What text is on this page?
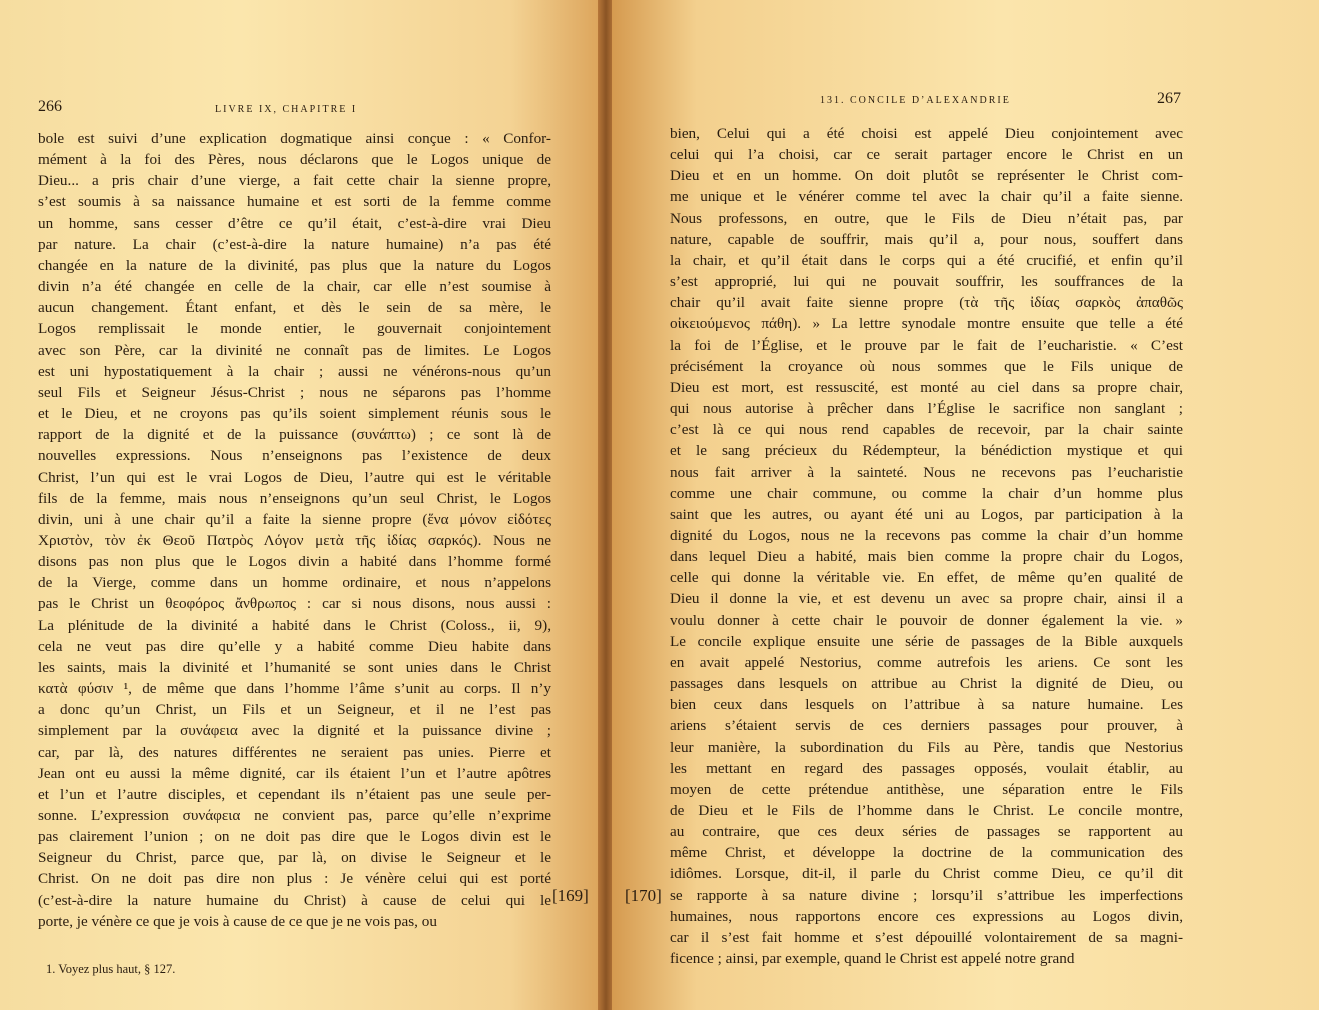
266	LIVRE IX, CHAPITRE I
bole est suivi d’une explication dogmatique ainsi conçue : « Confor-
mément à la foi des Pères, nous déclarons que le Logos unique de
Dieu... a pris chair d’une vierge, a fait cette chair la sienne propre,
s’est soumis à sa naissance humaine et est sorti de la femme comme
un homme, sans cesser d’être ce qu’il était, c’est-à-dire vrai Dieu
par nature. La chair (c’est-à-dire la nature humaine) n’a pas été
changée en la nature de la divinité, pas plus que la nature du Logos
divin n’a été changée en celle de la chair, car elle n’est soumise à
aucun changement. Étant enfant, et dès le sein de sa mère, le
Logos remplissait le monde entier, le gouvernait conjointement
avec son Père, car la divinité ne connaît pas de limites. Le Logos
est uni hypostatiquement à la chair ; aussi ne vénérons-nous qu’un
seul Fils et Seigneur Jésus-Christ ; nous ne séparons pas l’homme
et le Dieu, et ne croyons pas qu’ils soient simplement réunis sous le
rapport de la dignité et de la puissance (συνάπτω) ; ce sont là de
nouvelles expressions. Nous n’enseignons pas l’existence de deux
Christ, l’un qui est le vrai Logos de Dieu, l’autre qui est le véritable
fils de la femme, mais nous n’enseignons qu’un seul Christ, le Logos
divin, uni à une chair qu’il a faite la sienne propre (ἕνα μόνον εἰδότες
Χριστὸν, τὸν ἐκ Θεοῦ Πατρὸς Λόγον μετὰ τῆς ἰδίας σαρκός). Nous ne
disons pas non plus que le Logos divin a habité dans l’homme formé
de la Vierge, comme dans un homme ordinaire, et nous n’appelons
pas le Christ un θεοφόρος ἄνθρωπος : car si nous disons, nous aussi :
La plénitude de la divinité a habité dans le Christ (Coloss., ii, 9),
cela ne veut pas dire qu’elle y a habité comme Dieu habite dans
les saints, mais la divinité et l’humanité se sont unies dans le Christ
κατὰ φύσιν ¹, de même que dans l’homme l’âme s’unit au corps. Il n’y
a donc qu’un Christ, un Fils et un Seigneur, et il ne l’est pas
simplement par la συνάφεια avec la dignité et la puissance divine ;
car, par là, des natures différentes ne seraient pas unies. Pierre et
Jean ont eu aussi la même dignité, car ils étaient l’un et l’autre apôtres
et l’un et l’autre disciples, et cependant ils n’étaient pas une seule per-
sonne. L’expression συνάφεια ne convient pas, parce qu’elle n’exprime
pas clairement l’union ; on ne doit pas dire que le Logos divin est le
Seigneur du Christ, parce que, par là, on divise le Seigneur et le
Christ. On ne doit pas dire non plus : Je vénère celui qui est porté
(c’est-à-dire la nature humaine du Christ) à cause de celui qui le
porte, je vénère ce que je vois à cause de ce que je ne vois pas, ou
1. Voyez plus haut, § 127.
[169]
131. CONCILE D’ALEXANDRIE	267
[170]
bien, Celui qui a été choisi est appelé Dieu conjointement avec
celui qui l’a choisi, car ce serait partager encore le Christ en un
Dieu et en un homme. On doit plutôt se représenter le Christ com-
me unique et le vénérer comme tel avec la chair qu’il a faite sienne.
Nous professons, en outre, que le Fils de Dieu n’était pas, par
nature, capable de souffrir, mais qu’il a, pour nous, souffert dans
la chair, et qu’il était dans le corps qui a été crucifié, et enfin qu’il
s’est approprié, lui qui ne pouvait souffrir, les souffrances de la
chair qu’il avait faite sienne propre (τὰ τῆς ἰδίας σαρκὸς ἀπαθῶς
οἰκειούμενος πάθη). » La lettre synodale montre ensuite que telle a été
la foi de l’Église, et le prouve par le fait de l’eucharistie. « C’est
précisément la croyance où nous sommes que le Fils unique de
Dieu est mort, est ressuscité, est monté au ciel dans sa propre chair,
qui nous autorise à prêcher dans l’Église le sacrifice non sanglant ;
c’est là ce qui nous rend capables de recevoir, par la chair sainte
et le sang précieux du Rédempteur, la bénédiction mystique et qui
nous fait arriver à la sainteté. Nous ne recevons pas l’eucharistie
comme une chair commune, ou comme la chair d’un homme plus
saint que les autres, ou ayant été uni au Logos, par participation à la
dignité du Logos, nous ne la recevons pas comme la chair d’un homme
dans lequel Dieu a habité, mais bien comme la propre chair du Logos,
celle qui donne la véritable vie. En effet, de même qu’en qualité de
Dieu il donne la vie, et est devenu un avec sa propre chair, ainsi il a
voulu donner à cette chair le pouvoir de donner également la vie. »
Le concile explique ensuite une série de passages de la Bible auxquels
en avait appelé Nestorius, comme autrefois les ariens. Ce sont les
passages dans lesquels on attribue au Christ la dignité de Dieu, ou
bien ceux dans lesquels on l’attribue à sa nature humaine. Les
ariens s’étaient servis de ces derniers passages pour prouver, à
leur manière, la subordination du Fils au Père, tandis que Nestorius
les mettant en regard des passages opposés, voulait établir, au
moyen de cette prétendue antithèse, une séparation entre le Fils
de Dieu et le Fils de l’homme dans le Christ. Le concile montre,
au contraire, que ces deux séries de passages se rapportent au
même Christ, et développe la doctrine de la communication des
idiômes. Lorsque, dit-il, il parle du Christ comme Dieu, ce qu’il dit
se rapporte à sa nature divine ; lorsqu’il s’attribue les imperfections
humaines, nous rapportons encore ces expressions au Logos divin,
car il s’est fait homme et s’est dépouillé volontairement de sa magni-
ficence ; ainsi, par exemple, quand le Christ est appelé notre grand
